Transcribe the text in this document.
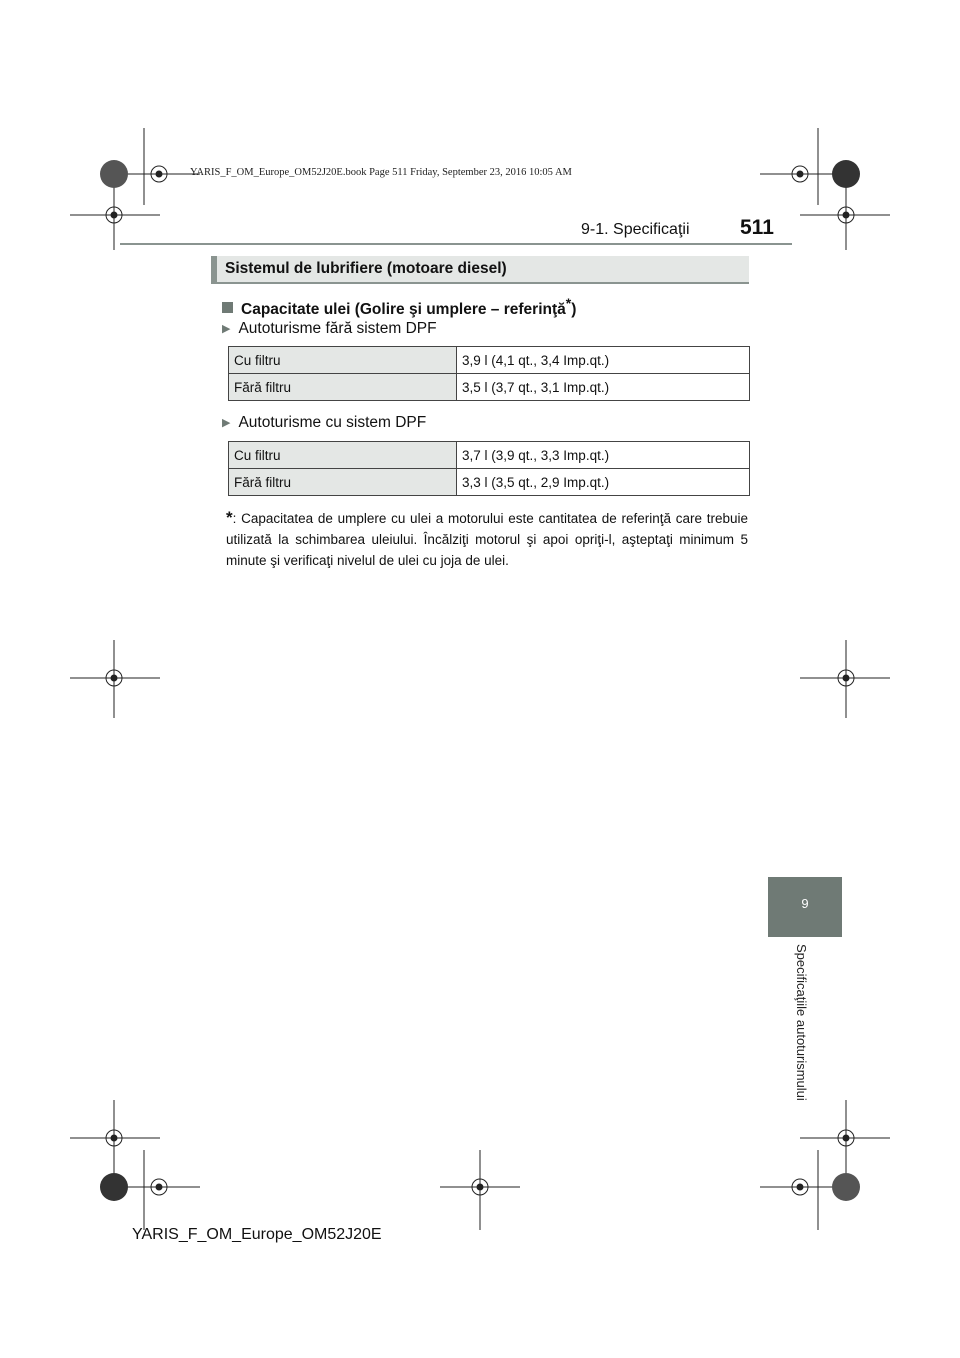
YARIS_F_OM_Europe_OM52J20E.book Page 511 Friday, September 23, 2016 10:05 AM
9-1. Specificaţii 511
Sistemul de lubrifiere (motoare diesel)
Capacitate ulei (Golire şi umplere – referinţă*)
▶ Autoturisme fără sistem DPF
Cu filtru	3,9 l (4,1 qt., 3,4 Imp.qt.)
Fără filtru	3,5 l (3,7 qt., 3,1 Imp.qt.)
▶ Autoturisme cu sistem DPF
Cu filtru	3,7 l (3,9 qt., 3,3 Imp.qt.)
Fără filtru	3,3 l (3,5 qt., 2,9 Imp.qt.)
*: Capacitatea de umplere cu ulei a motorului este cantitatea de referinţă care trebuie utilizată la schimbarea uleiului. Încălziţi motorul şi apoi opriţi-l, aşteptaţi minimum 5 minute şi verificaţi nivelul de ulei cu joja de ulei.
9
Specificaţiile autoturismului
YARIS_F_OM_Europe_OM52J20E
